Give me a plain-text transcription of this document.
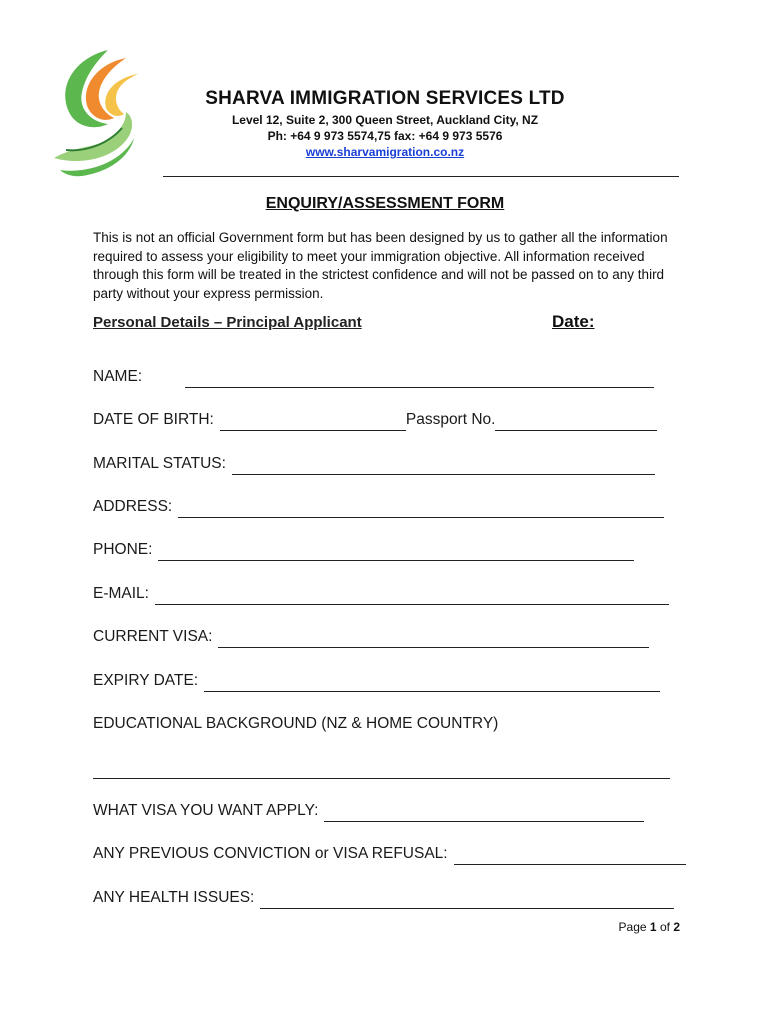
SHARVA IMMIGRATION SERVICES LTD
Level 12, Suite 2, 300 Queen Street, Auckland City, NZ
Ph: +64 9 973 5574,75 fax: +64 9 973 5576
www.sharvamigration.co.nz
ENQUIRY/ASSESSMENT FORM

This is not an official Government form but has been designed by us to gather all the information required to assess your eligibility to meet your immigration objective. All information received through this form will be treated in the strictest confidence and will not be passed on to any third party without your express permission.

Personal Details – Principal Applicant	Date:
NAME:
DATE OF BIRTH:	Passport No.
MARITAL STATUS:
ADDRESS:
PHONE:
E-MAIL:
CURRENT VISA:
EXPIRY DATE:
EDUCATIONAL BACKGROUND (NZ & HOME COUNTRY)
WHAT VISA YOU WANT APPLY:
ANY PREVIOUS CONVICTION or VISA REFUSAL:
ANY HEALTH ISSUES:
Page 1 of 2
